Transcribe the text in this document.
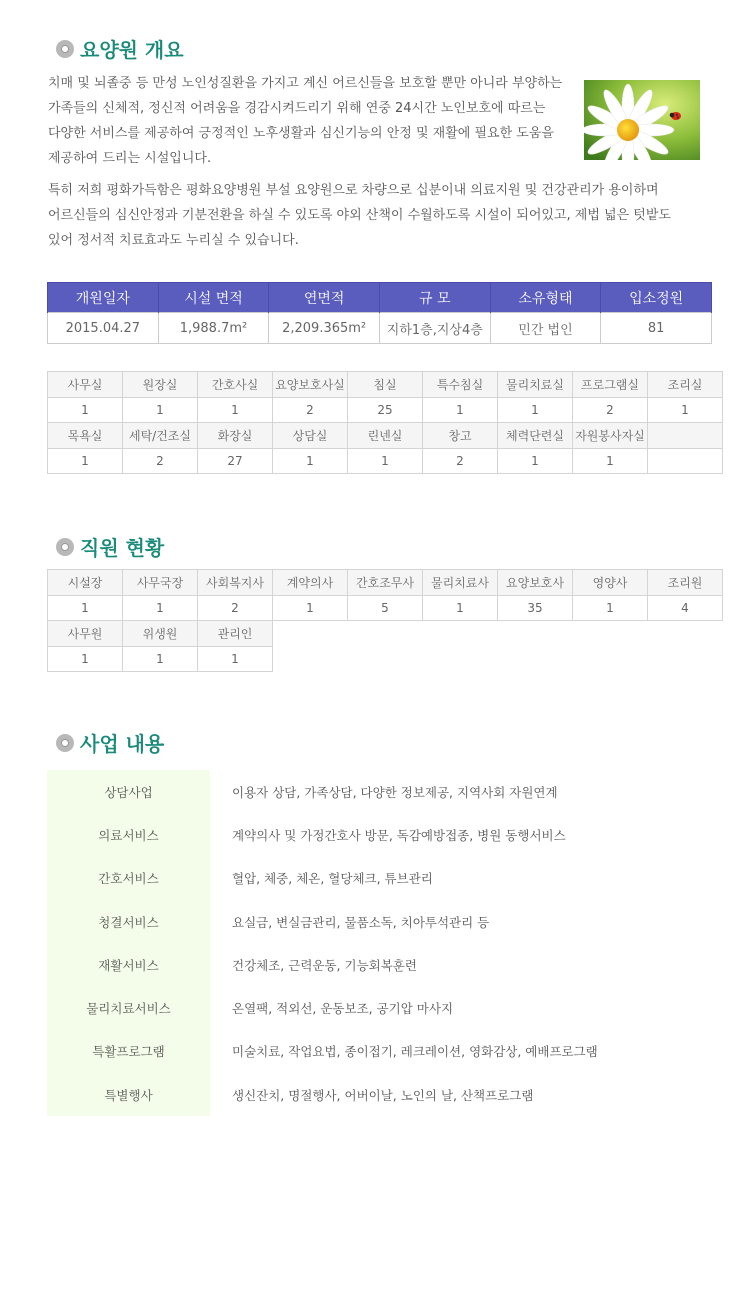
요양원 개요
치매 및 뇌졸중 등 만성 노인성질환을 가지고 계신 어르신들을 보호할 뿐만 아니라 부양하는
가족들의 신체적, 정신적 어려움을 경감시켜드리기 위해 연중 24시간 노인보호에 따르는
다양한 서비스를 제공하여 긍정적인 노후생활과 심신기능의 안정 및 재활에 필요한 도움을
제공하여 드리는 시설입니다.
특히 저희 평화가득함은 평화요양병원 부설 요양원으로 차량으로 십분이내 의료지원 및 건강관리가 용이하며
어르신들의 심신안정과 기분전환을 하실 수 있도록 야외 산책이 수월하도록 시설이 되어있고, 제법 넓은 텃밭도
있어 정서적 치료효과도 누리실 수 있습니다.
개원일자	시설 면적	연면적	규 모	소유형태	입소정원
2015.04.27	1,988.7m²	2,209.365m²	지하1층,지상4층	민간 법인	81
사무실	원장실	간호사실	요양보호사실	침실	특수침실	물리치료실	프로그램실	조리실
1	1	1	2	25	1	1	2	1
목욕실	세탁/건조실	화장실	상담실	린넨실	창고	체력단련실	자원봉사자실	
1	2	27	1	1	2	1	1	
직원 현황
시설장	사무국장	사회복지사	계약의사	간호조무사	물리치료사	요양보호사	영양사	조리원
1	1	2	1	5	1	35	1	4
사무원	위생원	관리인						
1	1	1						
사업 내용
상담사업	이용자 상담, 가족상담, 다양한 정보제공, 지역사회 자원연계
의료서비스	계약의사 및 가정간호사 방문, 독감예방접종, 병원 동행서비스
간호서비스	혈압, 체중, 체온, 혈당체크, 튜브관리
청결서비스	요실금, 변실금관리, 물품소독, 치아투석관리 등
재활서비스	건강체조, 근력운동, 기능회복훈련
물리치료서비스	온열팩, 적외선, 운동보조, 공기압 마사지
특활프로그램	미술치료, 작업요법, 종이접기, 레크레이션, 영화감상, 예배프로그램
특별행사	생신잔치, 명절행사, 어버이날, 노인의 날, 산책프로그램
